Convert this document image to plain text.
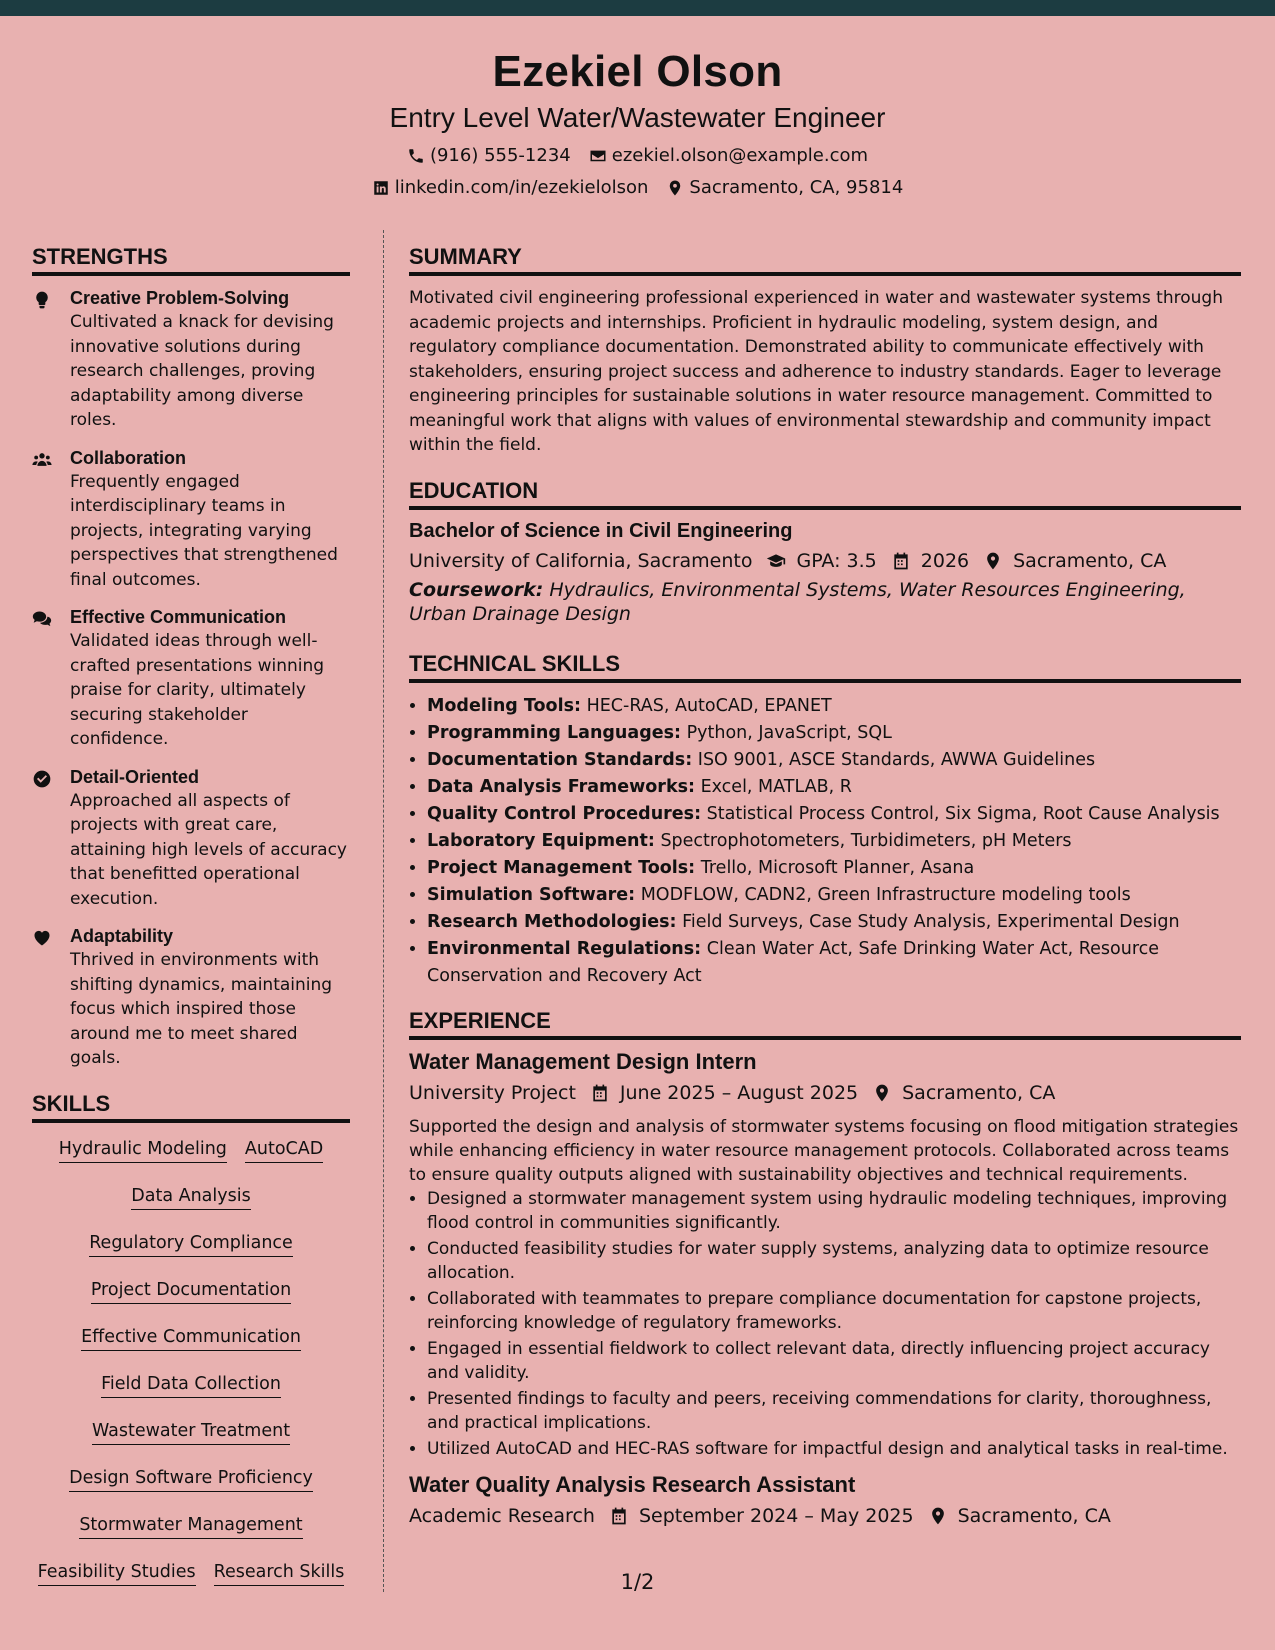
Ezekiel Olson
Entry Level Water/Wastewater Engineer
(916) 555-1234 ezekiel.olson@example.com
linkedin.com/in/ezekielolson Sacramento, CA, 95814
STRENGTHS
Creative Problem-Solving
Cultivated a knack for devising innovative solutions during research challenges, proving adaptability among diverse roles.
Collaboration
Frequently engaged interdisciplinary teams in projects, integrating varying perspectives that strengthened final outcomes.
Effective Communication
Validated ideas through well-crafted presentations winning praise for clarity, ultimately securing stakeholder confidence.
Detail-Oriented
Approached all aspects of projects with great care, attaining high levels of accuracy that benefitted operational execution.
Adaptability
Thrived in environments with shifting dynamics, maintaining focus which inspired those around me to meet shared goals.
SKILLS
Hydraulic Modeling AutoCAD
Data Analysis
Regulatory Compliance
Project Documentation
Effective Communication
Field Data Collection
Wastewater Treatment
Design Software Proficiency
Stormwater Management
Feasibility Studies Research Skills
SUMMARY
Motivated civil engineering professional experienced in water and wastewater systems through academic projects and internships. Proficient in hydraulic modeling, system design, and regulatory compliance documentation. Demonstrated ability to communicate effectively with stakeholders, ensuring project success and adherence to industry standards. Eager to leverage engineering principles for sustainable solutions in water resource management. Committed to meaningful work that aligns with values of environmental stewardship and community impact within the field.
EDUCATION
Bachelor of Science in Civil Engineering
University of California, Sacramento GPA: 3.5 2026 Sacramento, CA
Coursework: Hydraulics, Environmental Systems, Water Resources Engineering, Urban Drainage Design
TECHNICAL SKILLS
• Modeling Tools: HEC-RAS, AutoCAD, EPANET
• Programming Languages: Python, JavaScript, SQL
• Documentation Standards: ISO 9001, ASCE Standards, AWWA Guidelines
• Data Analysis Frameworks: Excel, MATLAB, R
• Quality Control Procedures: Statistical Process Control, Six Sigma, Root Cause Analysis
• Laboratory Equipment: Spectrophotometers, Turbidimeters, pH Meters
• Project Management Tools: Trello, Microsoft Planner, Asana
• Simulation Software: MODFLOW, CADN2, Green Infrastructure modeling tools
• Research Methodologies: Field Surveys, Case Study Analysis, Experimental Design
• Environmental Regulations: Clean Water Act, Safe Drinking Water Act, Resource Conservation and Recovery Act
EXPERIENCE
Water Management Design Intern
University Project June 2025 – August 2025 Sacramento, CA
Supported the design and analysis of stormwater systems focusing on flood mitigation strategies while enhancing efficiency in water resource management protocols. Collaborated across teams to ensure quality outputs aligned with sustainability objectives and technical requirements.
• Designed a stormwater management system using hydraulic modeling techniques, improving flood control in communities significantly.
• Conducted feasibility studies for water supply systems, analyzing data to optimize resource allocation.
• Collaborated with teammates to prepare compliance documentation for capstone projects, reinforcing knowledge of regulatory frameworks.
• Engaged in essential fieldwork to collect relevant data, directly influencing project accuracy and validity.
• Presented findings to faculty and peers, receiving commendations for clarity, thoroughness, and practical implications.
• Utilized AutoCAD and HEC-RAS software for impactful design and analytical tasks in real-time.
Water Quality Analysis Research Assistant
Academic Research September 2024 – May 2025 Sacramento, CA
1/2
